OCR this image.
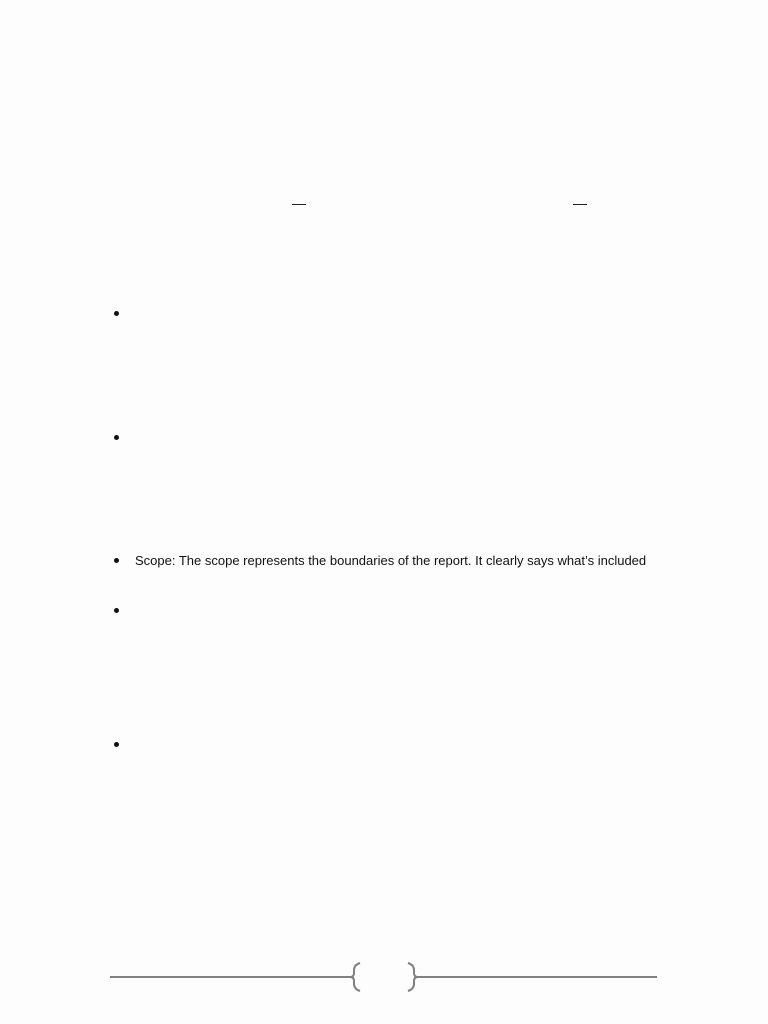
Scope: The scope represents the boundaries of the report. It clearly says what’s included
